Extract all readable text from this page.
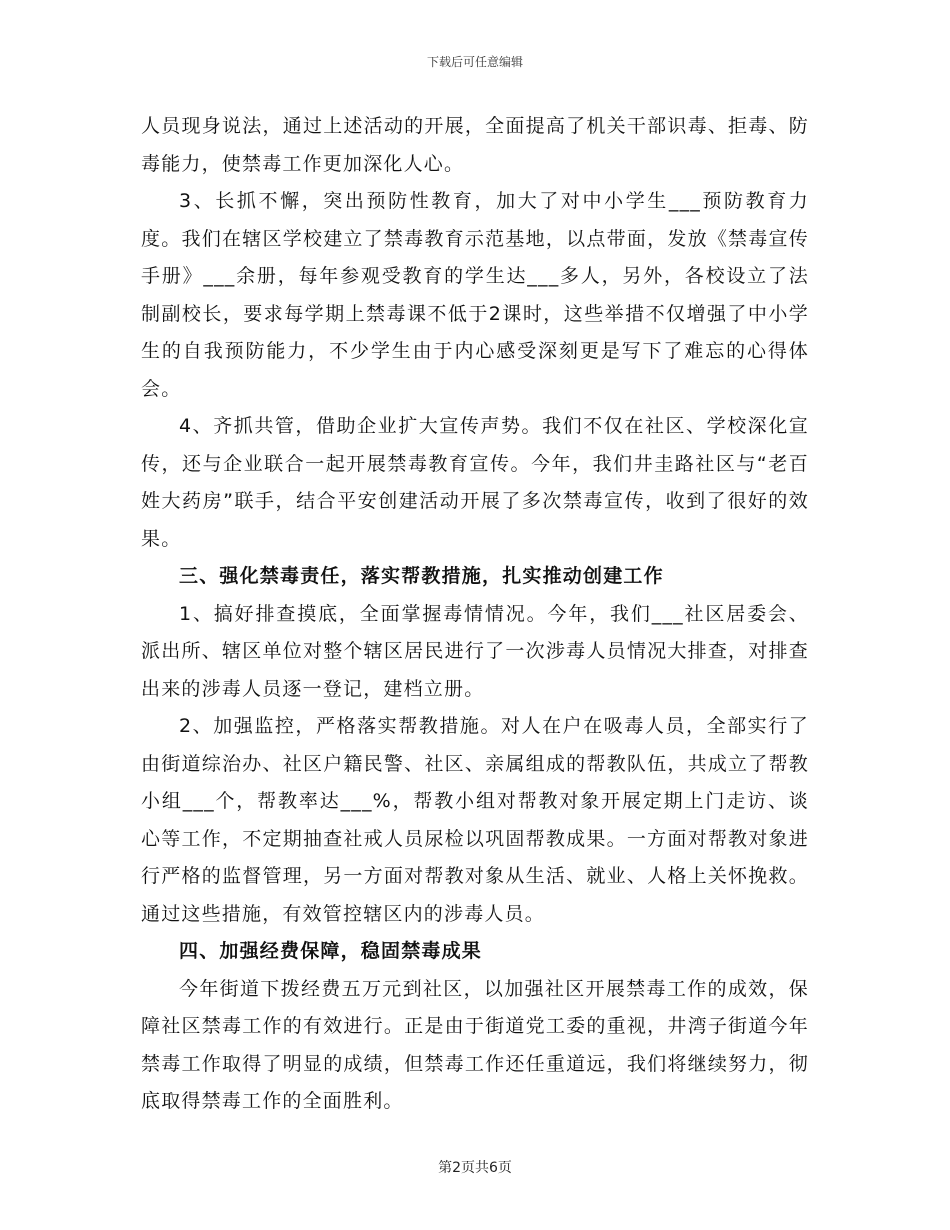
下载后可任意编辑

人员现身说法，通过上述活动的开展，全面提高了机关干部识毒、拒毒、防毒能力，使禁毒工作更加深化人心。

3、长抓不懈，突出预防性教育，加大了对中小学生___预防教育力度。我们在辖区学校建立了禁毒教育示范基地，以点带面，发放《禁毒宣传手册》___余册，每年参观受教育的学生达___多人，另外，各校设立了法制副校长，要求每学期上禁毒课不低于2课时，这些举措不仅增强了中小学生的自我预防能力，不少学生由于内心感受深刻更是写下了难忘的心得体会。

4、齐抓共管，借助企业扩大宣传声势。我们不仅在社区、学校深化宣传，还与企业联合一起开展禁毒教育宣传。今年，我们井圭路社区与“老百姓大药房”联手，结合平安创建活动开展了多次禁毒宣传，收到了很好的效果。

三、强化禁毒责任，落实帮教措施，扎实推动创建工作

1、搞好排查摸底，全面掌握毒情情况。今年，我们___社区居委会、派出所、辖区单位对整个辖区居民进行了一次涉毒人员情况大排查，对排查出来的涉毒人员逐一登记，建档立册。

2、加强监控，严格落实帮教措施。对人在户在吸毒人员，全部实行了由街道综治办、社区户籍民警、社区、亲属组成的帮教队伍，共成立了帮教小组___个，帮教率达___%，帮教小组对帮教对象开展定期上门走访、谈心等工作，不定期抽查社戒人员尿检以巩固帮教成果。一方面对帮教对象进行严格的监督管理，另一方面对帮教对象从生活、就业、人格上关怀挽救。通过这些措施，有效管控辖区内的涉毒人员。

四、加强经费保障，稳固禁毒成果

今年街道下拨经费五万元到社区，以加强社区开展禁毒工作的成效，保障社区禁毒工作的有效进行。正是由于街道党工委的重视，井湾子街道今年禁毒工作取得了明显的成绩，但禁毒工作还任重道远，我们将继续努力，彻底取得禁毒工作的全面胜利。

第2页共6页
